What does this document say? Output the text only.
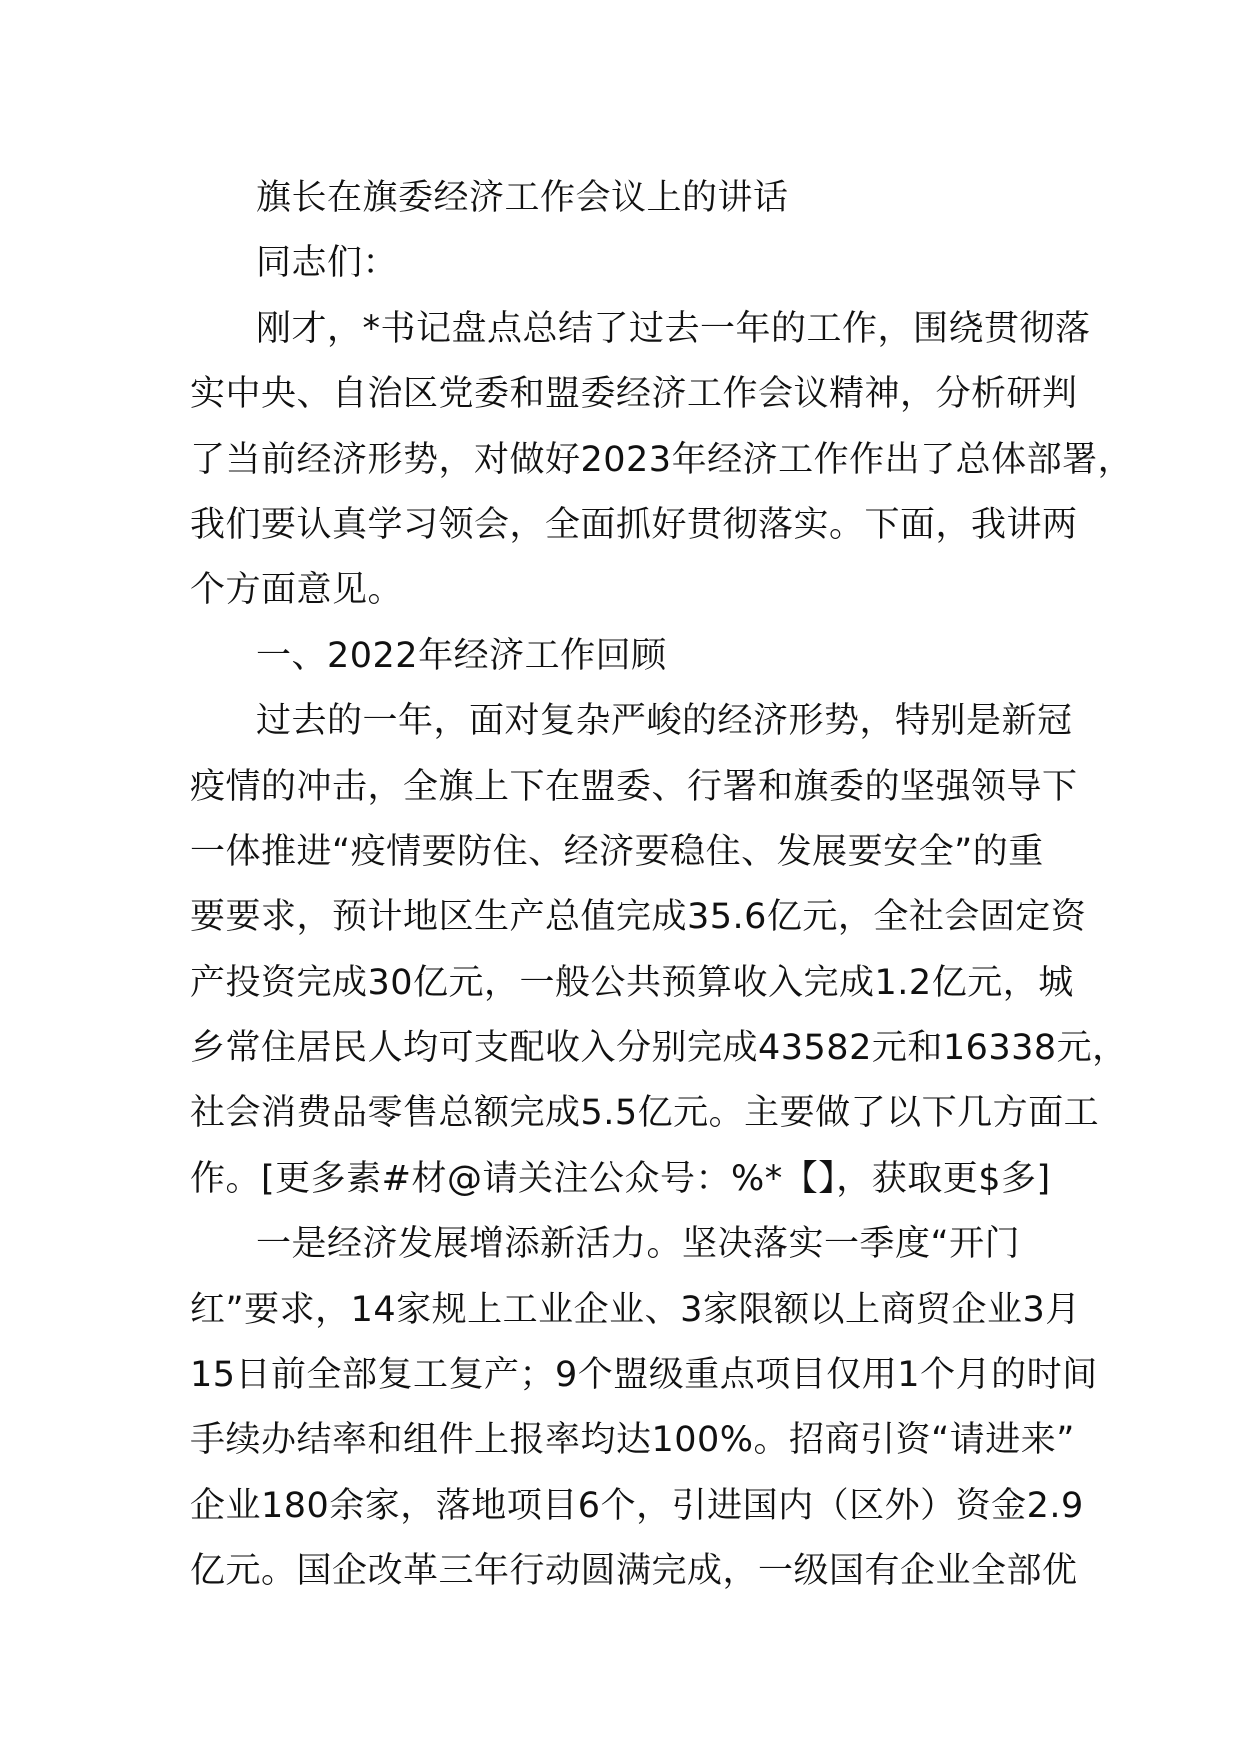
旗长在旗委经济工作会议上的讲话
同志们：
刚才，*书记盘点总结了过去一年的工作，围绕贯彻落
实中央、自治区党委和盟委经济工作会议精神，分析研判
了当前经济形势，对做好2023年经济工作作出了总体部署，
我们要认真学习领会，全面抓好贯彻落实。下面，我讲两
个方面意见。
一、2022年经济工作回顾
过去的一年，面对复杂严峻的经济形势，特别是新冠
疫情的冲击，全旗上下在盟委、行署和旗委的坚强领导下
一体推进“疫情要防住、经济要稳住、发展要安全”的重
要要求，预计地区生产总值完成35.6亿元，全社会固定资
产投资完成30亿元，一般公共预算收入完成1.2亿元，城
乡常住居民人均可支配收入分别完成43582元和16338元，
社会消费品零售总额完成5.5亿元。主要做了以下几方面工
作。[更多素#材@请关注公众号：%*【】，获取更$多]
一是经济发展增添新活力。坚决落实一季度“开门
红”要求，14家规上工业企业、3家限额以上商贸企业3月
15日前全部复工复产；9个盟级重点项目仅用1个月的时间
手续办结率和组件上报率均达100%。招商引资“请进来”
企业180余家，落地项目6个，引进国内（区外）资金2.9
亿元。国企改革三年行动圆满完成，一级国有企业全部优
